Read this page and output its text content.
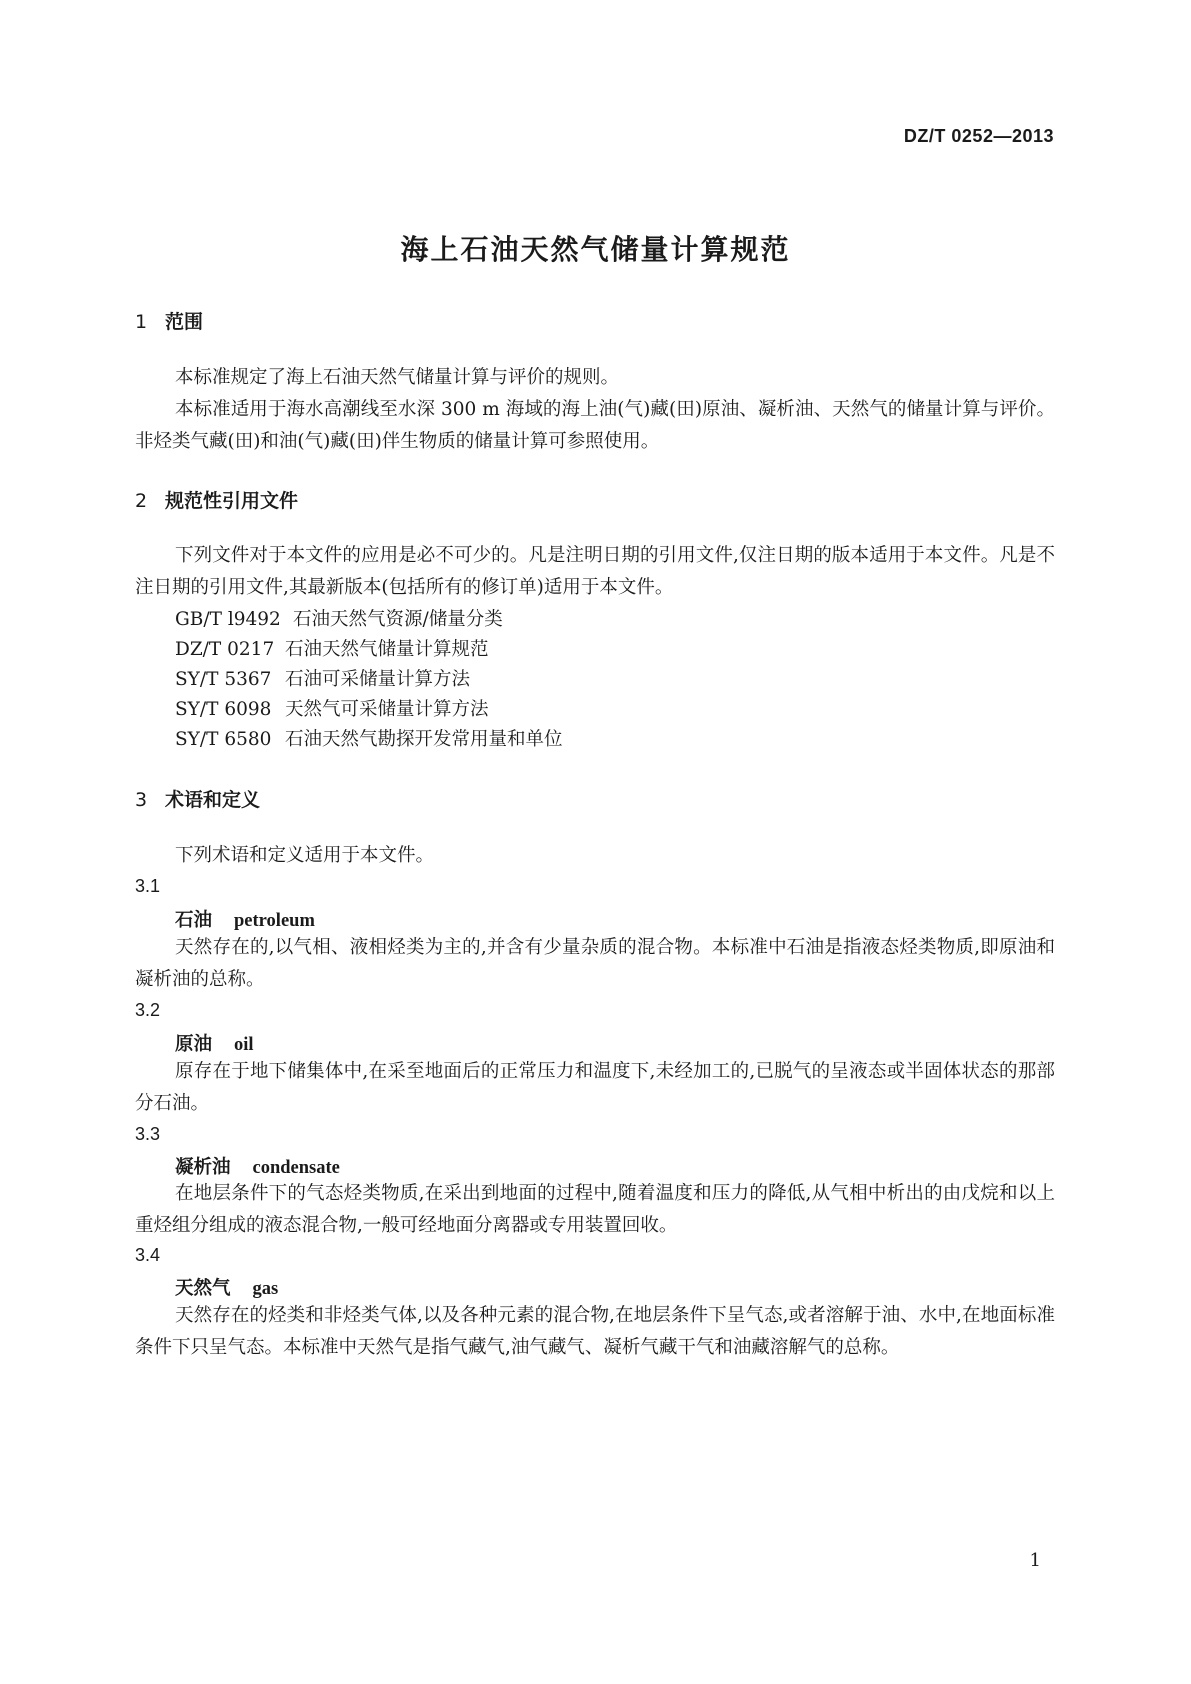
DZ/T 0252—2013
海上石油天然气储量计算规范
1 范围
本标准规定了海上石油天然气储量计算与评价的规则。
本标准适用于海水高潮线至水深 300 m 海域的海上油(气)藏(田)原油、凝析油、天然气的储量计算与评价。非烃类气藏(田)和油(气)藏(田)伴生物质的储量计算可参照使用。
2 规范性引用文件
下列文件对于本文件的应用是必不可少的。凡是注明日期的引用文件,仅注日期的版本适用于本文件。凡是不注日期的引用文件,其最新版本(包括所有的修订单)适用于本文件。
GB/T l9492 石油天然气资源/储量分类
DZ/T 0217 石油天然气储量计算规范
SY/T 5367 石油可采储量计算方法
SY/T 6098 天然气可采储量计算方法
SY/T 6580 石油天然气勘探开发常用量和单位
3 术语和定义
下列术语和定义适用于本文件。
3.1
石油 petroleum
天然存在的,以气相、液相烃类为主的,并含有少量杂质的混合物。本标准中石油是指液态烃类物质,即原油和凝析油的总称。
3.2
原油 oil
原存在于地下储集体中,在采至地面后的正常压力和温度下,未经加工的,已脱气的呈液态或半固体状态的那部分石油。
3.3
凝析油 condensate
在地层条件下的气态烃类物质,在采出到地面的过程中,随着温度和压力的降低,从气相中析出的由戊烷和以上重烃组分组成的液态混合物,一般可经地面分离器或专用装置回收。
3.4
天然气 gas
天然存在的烃类和非烃类气体,以及各种元素的混合物,在地层条件下呈气态,或者溶解于油、水中,在地面标准条件下只呈气态。本标准中天然气是指气藏气,油气藏气、凝析气藏干气和油藏溶解气的总称。
1
